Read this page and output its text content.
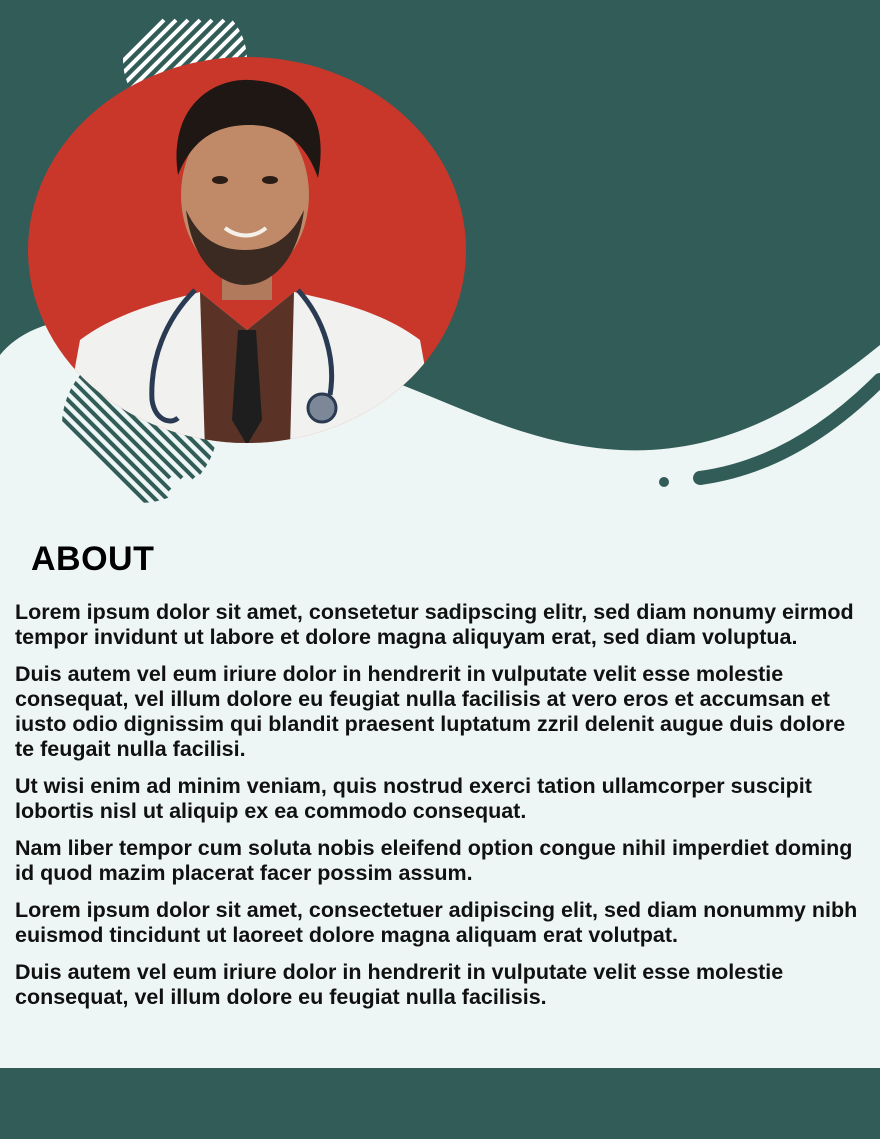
ABOUT

Lorem ipsum dolor sit amet, consetetur sadipscing elitr, sed diam nonumy eirmod tempor invidunt ut labore et dolore magna aliquyam erat, sed diam voluptua.

Duis autem vel eum iriure dolor in hendrerit in vulputate velit esse molestie consequat, vel illum dolore eu feugiat nulla facilisis at vero eros et accumsan et iusto odio dignissim qui blandit praesent luptatum zzril delenit augue duis dolore te feugait nulla facilisi.

Ut wisi enim ad minim veniam, quis nostrud exerci tation ullamcorper suscipit lobortis nisl ut aliquip ex ea commodo consequat.

Nam liber tempor cum soluta nobis eleifend option congue nihil imperdiet doming id quod mazim placerat facer possim assum.

Lorem ipsum dolor sit amet, consectetuer adipiscing elit, sed diam nonummy nibh euismod tincidunt ut laoreet dolore magna aliquam erat volutpat.

Duis autem vel eum iriure dolor in hendrerit in vulputate velit esse molestie consequat, vel illum dolore eu feugiat nulla facilisis.
